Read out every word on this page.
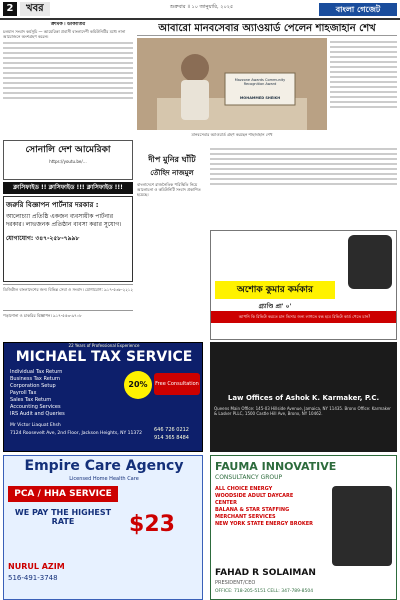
2	খবর	শুক্রবার ॥ ১০ জানুয়ারি, ২০২৫	বাংলা গেজেট
ক্রমিক ৷ ডাকাতির
চলমান সংবাদ কর্মসূচি — আমেরিকা প্রবাসী বাংলাদেশী কমিউনিটির মধ্যে নানা আয়োজনে অংশগ্রহণ করেন।
আবারো মানবসেবার অ্যাওয়ার্ড পেলেন শাহজাহান শেখ
Mazzone Awards Community Recognition Award
MOHAMMED SHEIKH
মানবসেবার অ্যাওয়ার্ড গ্রহণ করছেন শাহজাহান শেখ
সোনালি দেশ আমেরিকা
https://youtu.be/…
ক্লাসিফাইড !! ক্লাসিফাইড !!! ক্লাসিফাইড !!!
জরুরি বিজ্ঞাপন পার্টনার দরকার :
আলোচ্য্যা প্রতিষ্ঠি একজন ব্যবসায়ীক পার্টনার দরকার। লাভজনক প্রতিষ্ঠান ব্যবসা করার সুযোগ।
যোগাযোগ: ৩৪৭-২৫৮-৭৯৯৮
ডিজিটাল বাংলাদেশের জন্য বিভিন্ন সেবা ও সংবাদ। যোগাযোগ: ৯১৭-৫৩৮-২২১২
পড়াশোনা ও চাকরির বিজ্ঞাপন। ৯১৭-৫৫৩-৯৭০৮
দীপ মুনির ঘাঁটি
তৌহিদ নাজমুল
বাংলাদেশে রাজনৈতিক পরিস্থিতি নিয়ে আলোচনা ও কমিউনিটি সংবাদ প্রকাশিত হয়েছে।
অশোক কুমার কর্মকার
গ্র্যাণ্ডি প্রা' ০'
আপনি কি রিভিউ করতে চান ভিসার জন্য লাগতে বন্ধ হবে রিভিউ কার্ড পেতে চান?
22 Years of Professional Experience
MICHAEL TAX SERVICE
Individual Tax Return
Business Tax Return
Corporation Setup
Payroll Tax
Sales Tax Return
Accounting Services
IRS Audit and Queries
20%	Free Consultation
Mr Victor Liaquat Ehsh
7124 Roosevelt Ave, 2nd Floor, Jackson Heights, NY 11372
646 726 0212
914 365 8484
Law Offices of Ashok K. Karmaker, P.C.
Queens Main Office: 145-03 Hillside Avenue, Jamaica, NY 11435. Bronx Office: Karmaker & Lasker PLLC, 1500 Castle Hill Ave, Bronx, NY 10462.
Empire Care Agency
Licensed Home Health Care
PCA / HHA SERVICE
WE PAY THE HIGHEST RATE	$23
NURUL AZIM
516-491-3748
FAUMA INNOVATIVE
CONSULTANCY GROUP
ALL CHOICE ENERGY
WOODSIDE ADULT DAYCARE CENTER
BALANA & STAR STAFFING
MERCHANT SERVICES
NEW YORK STATE ENERGY BROKER
FAHAD R SOLAIMAN
PRESIDENT/CEO
OFFICE: 718-205-5151 CELL: 347-789-8504
